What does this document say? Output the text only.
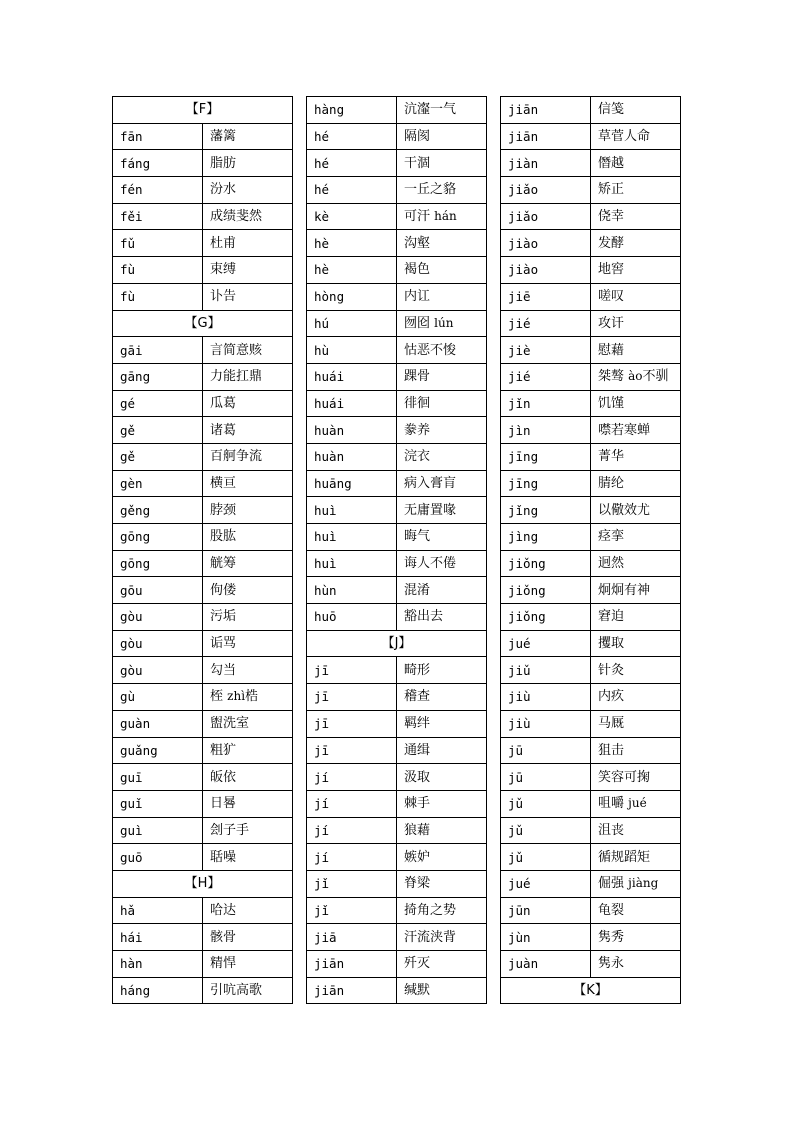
【F】	
fān	藩篱
fáng	脂肪
fén	汾水
fěi	成绩斐然
fǔ	杜甫
fù	束缚
fù	讣告
【G】	
gāi	言简意赅
gāng	力能扛鼎
gé	瓜葛
gě	诸葛
gě	百舸争流
gèn	横亘
gěng	脖颈
gōng	股肱
gōng	觥筹
gōu	佝偻
gòu	污垢
gòu	诟骂
gòu	勾当
gù	桎 zhì梏
guàn	盥洗室
guǎng	粗犷
guī	皈依
guǐ	日晷
guì	刽子手
guō	聒噪
【H】	
hǎ	哈达
hái	骸骨
hàn	精悍
háng	引吭高歌
hàng	沆瀣一气
hé	隔阂
hé	干涸
hé	一丘之貉
kè	可汗 hán
hè	沟壑
hè	褐色
hòng	内讧
hú	囫囵 lún
hù	怙恶不悛
huái	踝骨
huái	徘徊
huàn	豢养
huàn	浣衣
huāng	病入膏肓
huì	无庸置喙
huì	晦气
huì	诲人不倦
hùn	混淆
huō	豁出去
【J】	
jī	畸形
jī	稽查
jī	羁绊
jī	通缉
jí	汲取
jí	棘手
jí	狼藉
jí	嫉妒
jǐ	脊梁
jǐ	掎角之势
jiā	汗流浃背
jiān	歼灭
jiān	缄默
jiān	信笺
jiān	草菅人命
jiàn	僭越
jiǎo	矫正
jiǎo	侥幸
jiào	发酵
jiào	地窖
jiē	嗟叹
jié	攻讦
jiè	慰藉
jié	桀骜 ào不驯
jǐn	饥馑
jìn	噤若寒蝉
jīng	菁华
jīng	腈纶
jǐng	以儆效尤
jìng	痉挛
jiǒng	迥然
jiǒng	炯炯有神
jiǒng	窘迫
jué	攫取
jiǔ	针灸
jiù	内疚
jiù	马厩
jū	狙击
jū	笑容可掬
jǔ	咀嚼 jué
jǔ	沮丧
jǔ	循规蹈矩
jué	倔强 jiàng
jūn	龟裂
jùn	隽秀
juàn	隽永
【K】	
